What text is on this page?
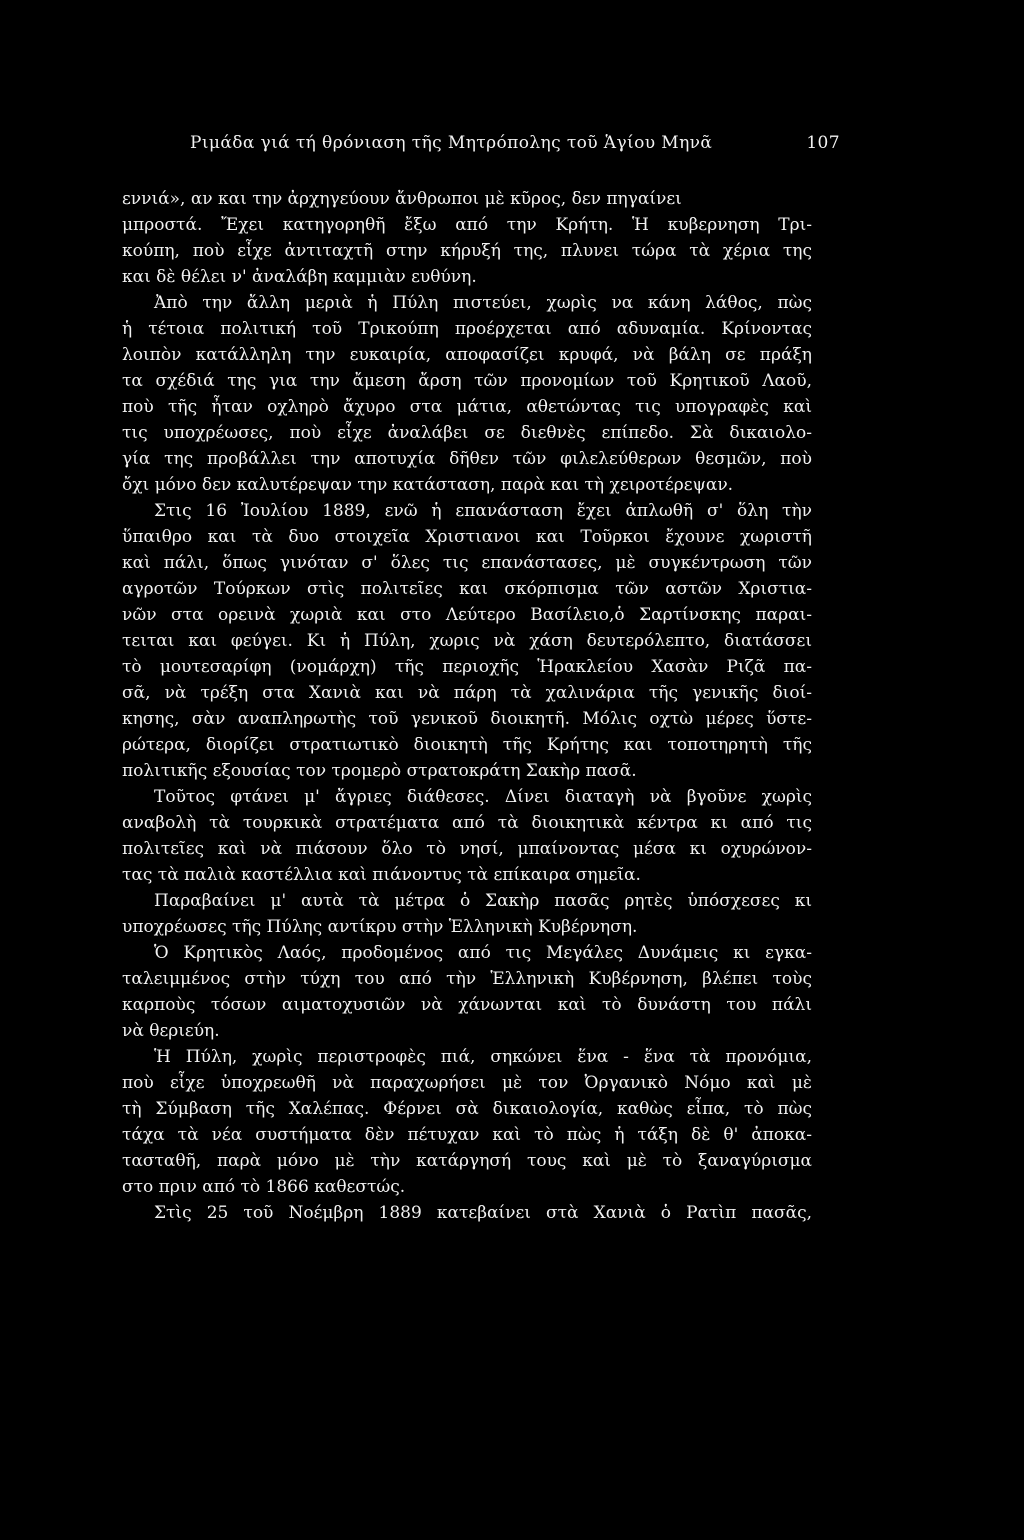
Ριμάδα γιά τή θρόνιαση τῆς Μητρόπολης τοῦ Ἁγίου Μηνᾶ	107
εννιά», αν και την ἀρχηγεύουν ἄνθρωποι μὲ κῦρος, δεν πηγαίνει
μπροστά. Ἔχει κατηγορηθῆ ἔξω από την Κρήτη. Ἡ κυβερνηση Τρι-
κούπη, ποὺ εἶχε ἀντιταχτῆ στην κήρυξή της, πλυνει τώρα τὰ χέρια της
και δὲ θέλει ν' ἀναλάβη καμμιὰν ευθύνη.
Ἀπὸ την ἄλλη μεριὰ ἡ Πύλη πιστεύει, χωρὶς να κάνη λάθος, πὼς
ἡ τέτοια πολιτική τοῦ Τρικούπη προέρχεται από αδυναμία. Κρίνοντας
λοιπὸν κατάλληλη την ευκαιρία, αποφασίζει κρυφά, νὰ βάλη σε πράξη
τα σχέδιά της για την ἄμεση ἄρση τῶν προνομίων τοῦ Κρητικοῦ Λαοῦ,
ποὺ τῆς ἦταν οχληρὸ ἄχυρο στα μάτια, αθετώντας τις υπογραφὲς καὶ
τις υποχρέωσες, ποὺ εἶχε ἀναλάβει σε διεθνὲς επίπεδο. Σὰ δικαιολο-
γία της προβάλλει την αποτυχία δῆθεν τῶν φιλελεύθερων θεσμῶν, ποὺ
ὄχι μόνο δεν καλυτέρεψαν την κατάσταση, παρὰ και τὴ χειροτέρεψαν.
Στις 16 Ἰουλίου 1889, ενῶ ἡ επανάσταση ἔχει ἁπλωθῆ σ' ὅλη τὴν
ὕπαιθρο και τὰ δυο στοιχεῖα Χριστιανοι και Τοῦρκοι ἔχουνε χωριστῆ
καὶ πάλι, ὅπως γινόταν σ' ὅλες τις επανάστασες, μὲ συγκέντρωση τῶν
αγροτῶν Τούρκων στὶς πολιτεῖες και σκόρπισμα τῶν αστῶν Χριστια-
νῶν στα ορεινὰ χωριὰ και στο Λεύτερο Βασίλειο,ὁ Σαρτίνσκης παραι-
τειται και φεύγει. Κι ἡ Πύλη, χωρις νὰ χάση δευτερόλεπτο, διατάσσει
τὸ μουτεσαρίφη (νομάρχη) τῆς περιοχῆς Ἡρακλείου Χασὰν Ριζᾶ πα-
σᾶ, νὰ τρέξη στα Χανιὰ και νὰ πάρη τὰ χαλινάρια τῆς γενικῆς διοί-
κησης, σὰν αναπληρωτὴς τοῦ γενικοῦ διοικητῆ. Μόλις οχτὼ μέρες ὕστε-
ρώτερα, διορίζει στρατιωτικὸ διοικητὴ τῆς Κρήτης και τοποτηρητὴ τῆς
πολιτικῆς εξουσίας τον τρομερὸ στρατοκράτη Σακὴρ πασᾶ.
Τοῦτος φτάνει μ' ἄγριες διάθεσες. Δίνει διαταγὴ νὰ βγοῦνε χωρὶς
αναβολὴ τὰ τουρκικὰ στρατέματα από τὰ διοικητικὰ κέντρα κι από τις
πολιτεῖες καὶ νὰ πιάσουν ὅλο τὸ νησί, μπαίνοντας μέσα κι οχυρώνον-
τας τὰ παλιὰ καστέλλια καὶ πιάνοντυς τὰ επίκαιρα σημεῖα.
Παραβαίνει μ' αυτὰ τὰ μέτρα ὁ Σακὴρ πασᾶς ρητὲς ὑπόσχεσες κι
υποχρέωσες τῆς Πύλης αντίκρυ στὴν Ἑλληνικὴ Κυβέρνηση.
Ὁ Κρητικὸς Λαός, προδομένος από τις Μεγάλες Δυνάμεις κι εγκα-
ταλειμμένος στὴν τύχη του από τὴν Ἑλληνικὴ Κυβέρνηση, βλέπει τοὺς
καρποὺς τόσων αιματοχυσιῶν νὰ χάνωνται καὶ τὸ δυνάστη του πάλι
νὰ θεριεύη.
Ἡ Πύλη, χωρὶς περιστροφὲς πιά, σηκώνει ἕνα - ἕνα τὰ προνόμια,
ποὺ εἶχε ὑποχρεωθῆ νὰ παραχωρήσει μὲ τον Ὀργανικὸ Νόμο καὶ μὲ
τὴ Σύμβαση τῆς Χαλέπας. Φέρνει σὰ δικαιολογία, καθὼς εἶπα, τὸ πὼς
τάχα τὰ νέα συστήματα δὲν πέτυχαν καὶ τὸ πὼς ἡ τάξη δὲ θ' ἀποκα-
τασταθῆ, παρὰ μόνο μὲ τὴν κατάργησή τους καὶ μὲ τὸ ξαναγύρισμα
στο πριν από τὸ 1866 καθεστώς.
Στὶς 25 τοῦ Νοέμβρη 1889 κατεβαίνει στὰ Χανιὰ ὁ Ρατὶπ πασᾶς,
